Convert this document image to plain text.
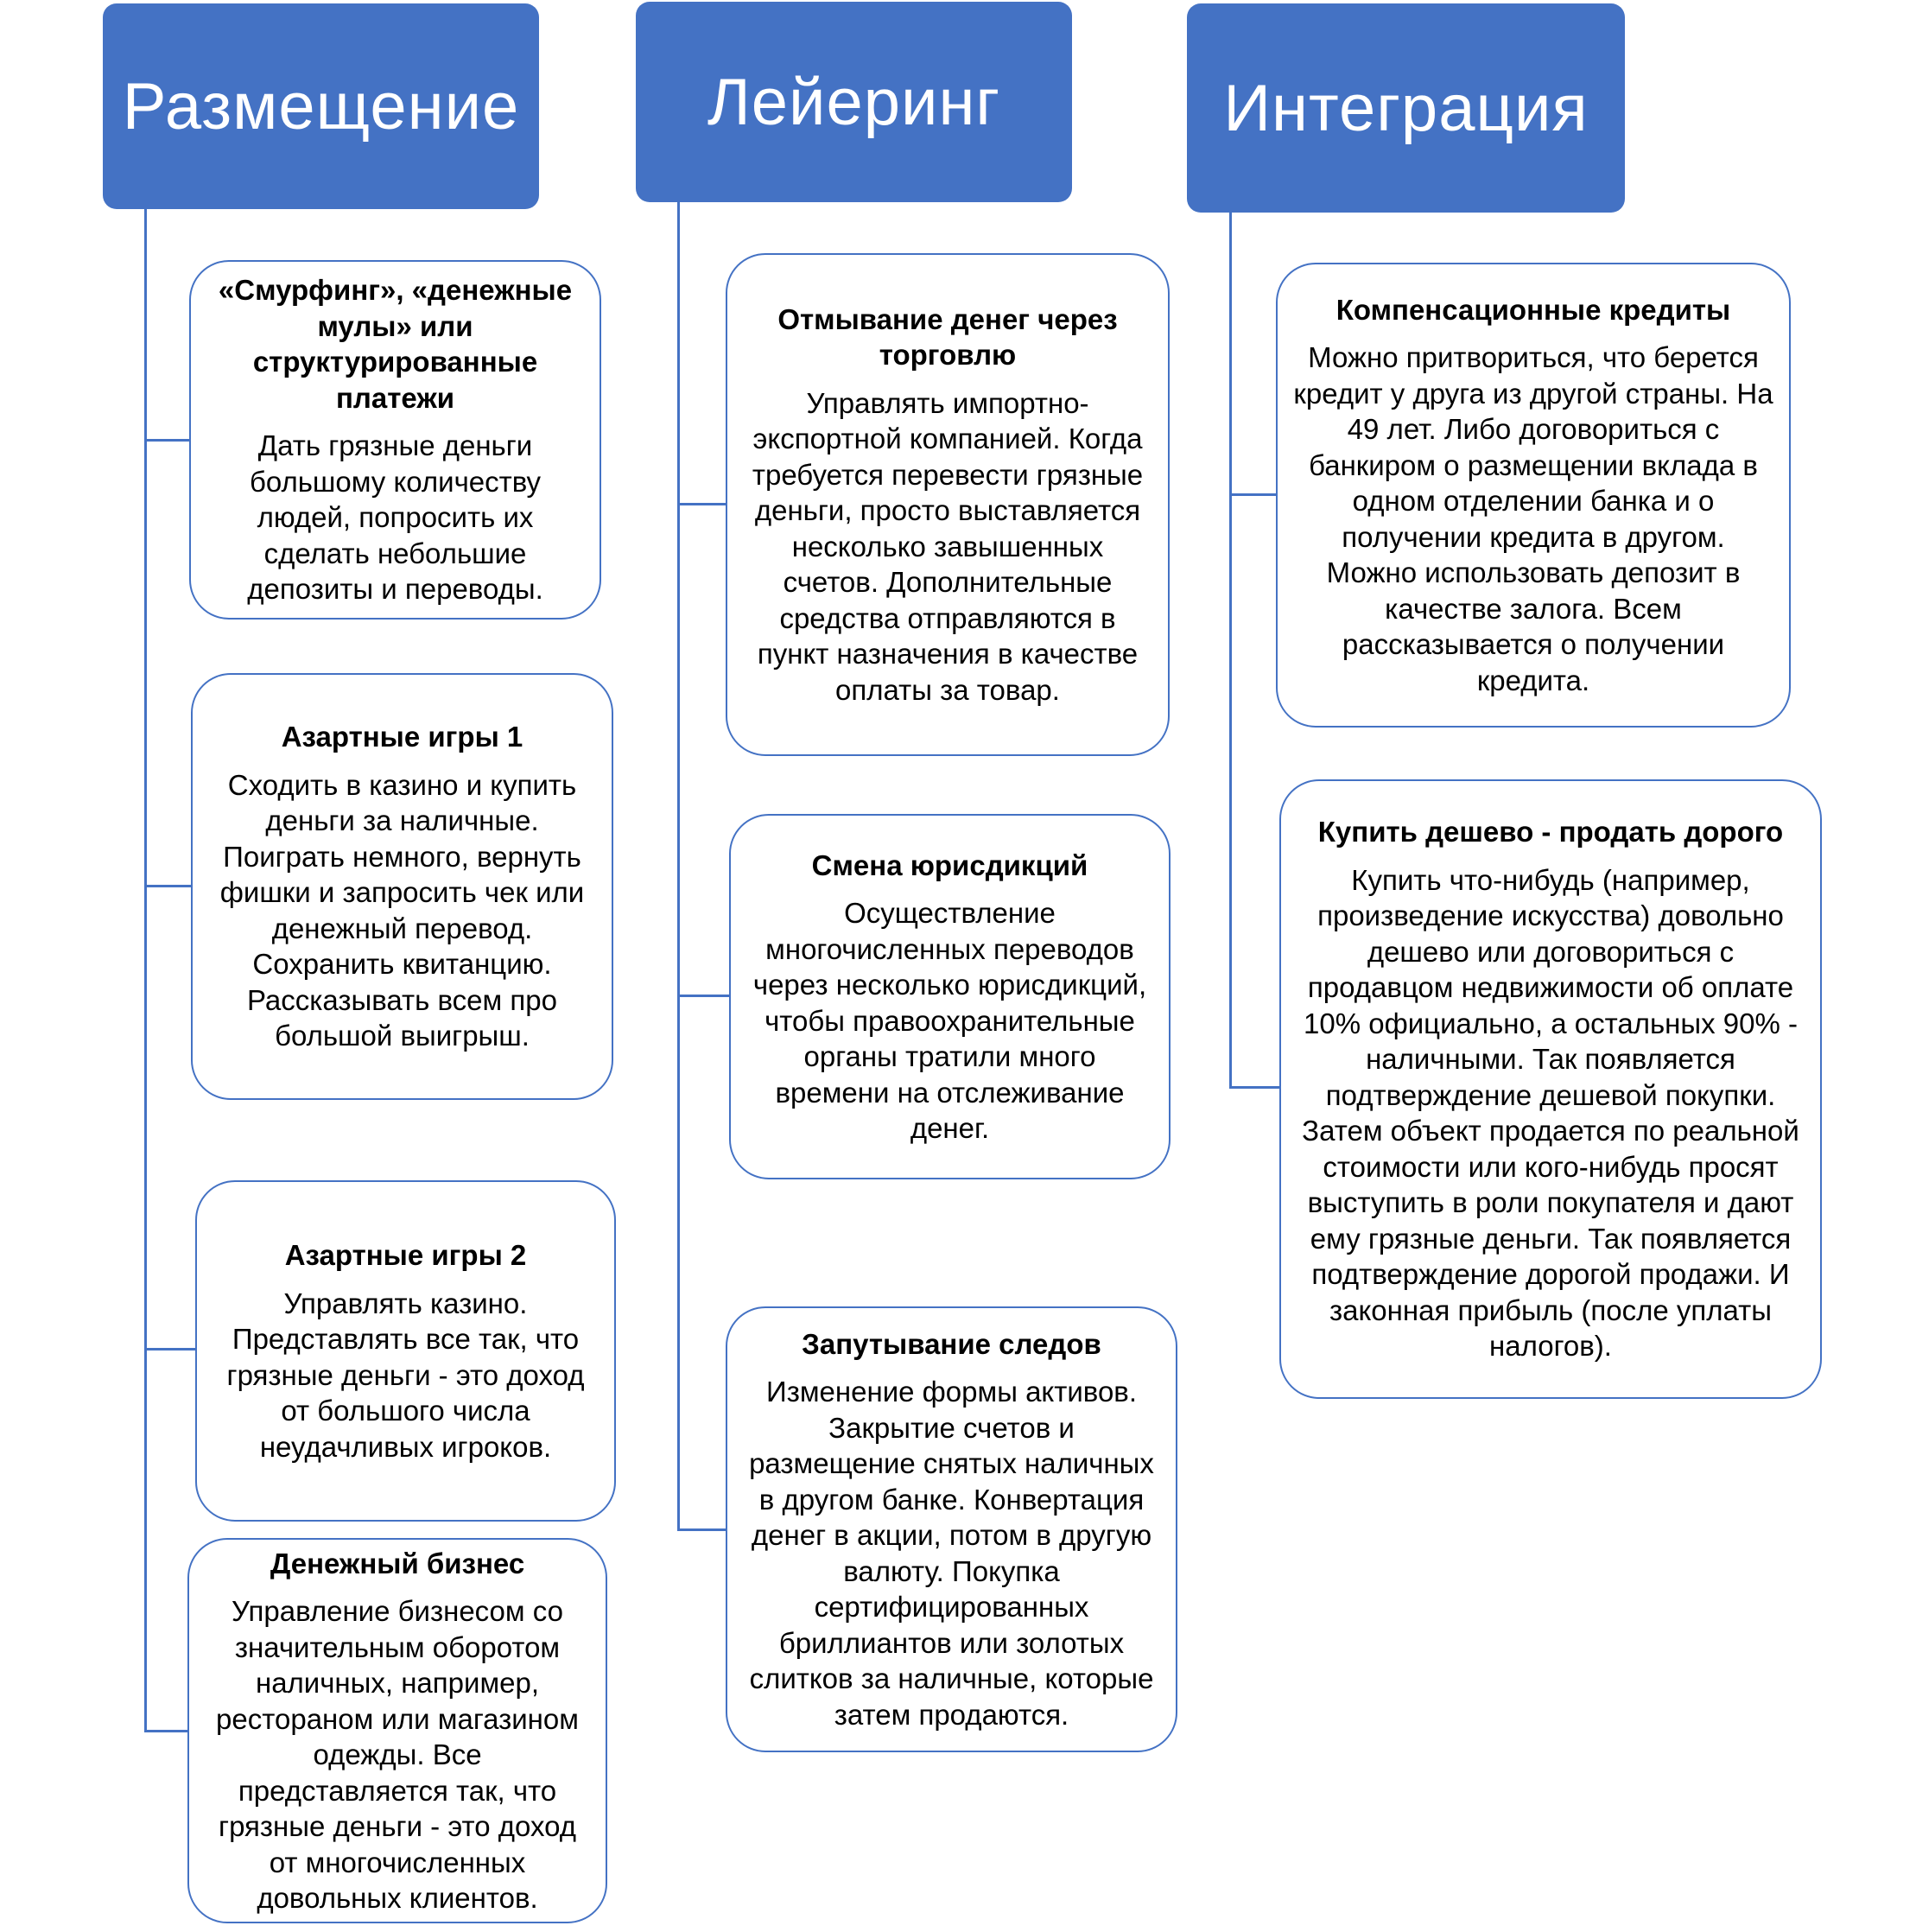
Размещение
«Смурфинг», «денежные мулы» или структурированные платежи
Дать грязные деньги большому количеству людей, попросить их сделать небольшие депозиты и переводы.
Азартные игры 1
Сходить в казино и купить деньги за наличные. Поиграть немного, вернуть фишки и запросить чек или денежный перевод. Сохранить квитанцию. Рассказывать всем про большой выигрыш.
Азартные игры 2
Управлять казино. Представлять все так, что грязные деньги - это доход от большого числа неудачливых игроков.
Денежный бизнес
Управление бизнесом со значительным оборотом наличных, например, рестораном или магазином одежды. Все представляется так, что грязные деньги - это доход от многочисленных довольных клиентов.
Лейеринг
Отмывание денег через торговлю
Управлять импортно-экспортной компанией. Когда требуется перевести грязные деньги, просто выставляется несколько завышенных счетов. Дополнительные средства отправляются в пункт назначения в качестве оплаты за товар.
Смена юрисдикций
Осуществление многочисленных переводов через несколько юрисдикций, чтобы правоохранительные органы тратили много времени на отслеживание денег.
Запутывание следов
Изменение формы активов. Закрытие счетов и размещение снятых наличных в другом банке. Конвертация денег в акции, потом в другую валюту. Покупка сертифицированных бриллиантов или золотых слитков за наличные, которые затем продаются.
Интеграция
Компенсационные кредиты
Можно притвориться, что берется кредит у друга из другой страны. На 49 лет. Либо договориться с банкиром о размещении вклада в одном отделении банка и о получении кредита в другом. Можно использовать депозит в качестве залога. Всем рассказывается о получении кредита.
Купить дешево - продать дорого
Купить что-нибудь (например, произведение искусства) довольно дешево или договориться с продавцом недвижимости об оплате 10% официально, а остальных 90% - наличными. Так появляется подтверждение дешевой покупки. Затем объект продается по реальной стоимости или кого-нибудь просят выступить в роли покупателя и дают ему грязные деньги. Так появляется подтверждение дорогой продажи. И законная прибыль (после уплаты налогов).
